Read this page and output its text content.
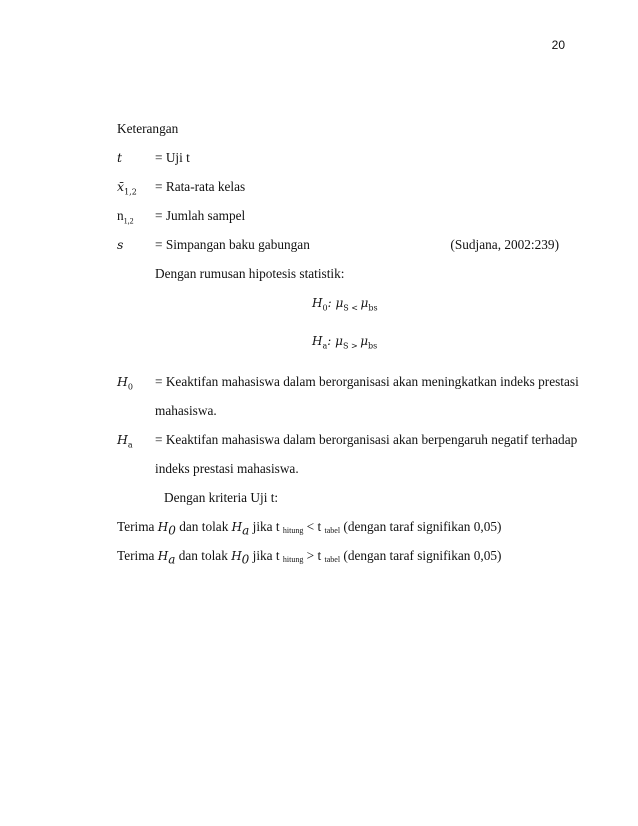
20
Keterangan
t = Uji t
$x̄_{1,2}$ = Rata-rata kelas
$n_{1,2}$ = Jumlah sampel
s = Simpangan baku gabungan	(Sudjana, 2002:239)
Dengan rumusan hipotesis statistik:
$H_0$: $\mu_{S <}$ $\mu_{bs}$
$H_a$: $\mu_{S >}$ $\mu_{bs}$
$H_0$ = Keaktifan mahasiswa dalam berorganisasi akan meningkatkan indeks prestasi
mahasiswa.
$H_a$ = Keaktifan mahasiswa dalam berorganisasi akan berpengaruh negatif terhadap
indeks prestasi mahasiswa.
Dengan kriteria Uji t:
Terima $H_0$ dan tolak $H_a$ jika t hitung < t tabel (dengan taraf signifikan 0,05)
Terima $H_a$ dan tolak $H_0$ jika t hitung > t tabel (dengan taraf signifikan 0,05)
